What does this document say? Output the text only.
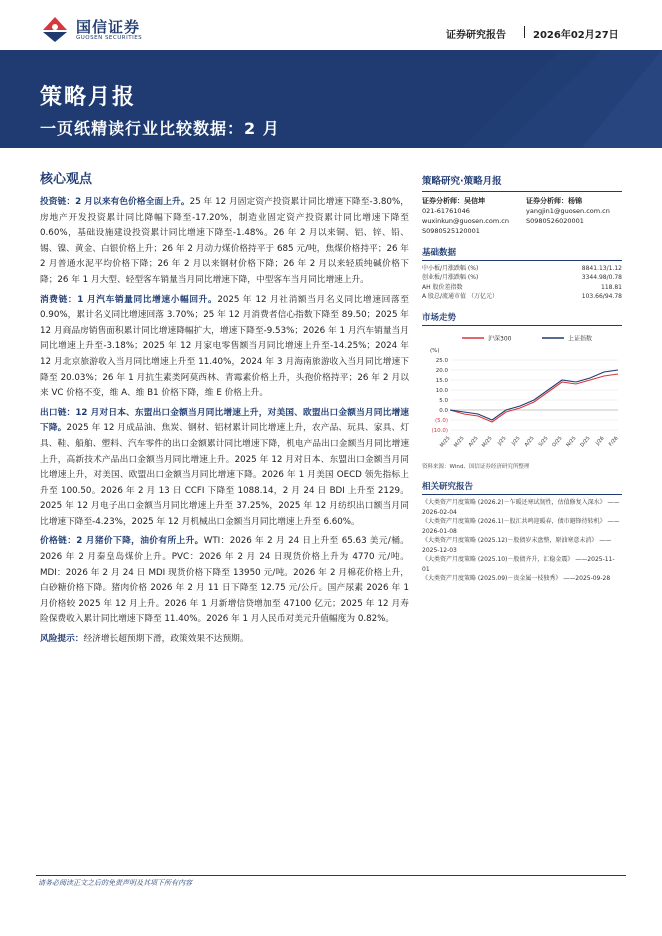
国信证券
GUOSEN SECURITIES	证券研究报告	2026年02月27日
策略月报
一页纸精读行业比较数据：2 月
核心观点

投资链：2 月以来有色价格全面上升。25 年 12 月固定资产投资累计同比增速下降至-3.80%，房地产开发投资累计同比降幅下降至-17.20%，制造业固定资产投资累计同比增速下降至 0.60%，基础设施建设投资累计同比增速下降至-1.48%。26 年 2 月以来铜、铝、锌、铅、锡、镍、黄金、白银价格上升；26 年 2 月动力煤价格持平于 685 元/吨，焦煤价格持平；26 年 2 月普通水泥平均价格下降；26 年 2 月以来钢材价格下降；26 年 2 月以来轻质纯碱价格下降；26 年 1 月大型、轻型客车销量当月同比增速下降，中型客车当月同比增速上升。

消费链：1 月汽车销量同比增速小幅回升。2025 年 12 月社消额当月名义同比增速回落至 0.90%，累计名义同比增速回落 3.70%；25 年 12 月消费者信心指数下降至 89.50；2025 年 12 月商品房销售面积累计同比增速降幅扩大，增速下降至-9.53%；2026 年 1 月汽车销量当月同比增速上升至-3.18%；2025 年 12 月家电零售额当月同比增速上升至-14.25%；2024 年 12 月北京旅游收入当月同比增速上升至 11.40%，2024 年 3 月海南旅游收入当月同比增速下降至 20.03%；26 年 1 月抗生素类阿莫西林、青霉素价格上升，头孢价格持平；26 年 2 月以来 VC 价格不变，维 A、维 B1 价格下降，维 E 价格上升。

出口链：12 月对日本、东盟出口金额当月同比增速上升，对美国、欧盟出口金额当月同比增速下降。2025 年 12 月成品油、焦炭、钢材、铝材累计同比增速上升，农产品、玩具、家具、灯具、鞋、船舶、塑料、汽车零件的出口金额累计同比增速下降，机电产品出口金额当月同比增速上升，高新技术产品出口金额当月同比增速上升。2025 年 12 月对日本、东盟出口金额当月同比增速上升，对美国、欧盟出口金额当月同比增速下降。2026 年 1 月美国 OECD 领先指标上升至 100.50。2026 年 2 月 13 日 CCFI 下降至 1088.14，2 月 24 日 BDI 上升至 2129。2025 年 12 月电子出口金额当月同比增速上升至 37.25%，2025 年 12 月纺织出口额当月同比增速下降至-4.23%，2025 年 12 月机械出口金额当月同比增速上升至 6.60%。

价格链：2 月猪价下降，油价有所上升。WTI：2026 年 2 月 24 日上升至 65.63 美元/桶。2026 年 2 月秦皇岛煤价上升。PVC：2026 年 2 月 24 日现货价格上升为 4770 元/吨。MDI：2026 年 2 月 24 日 MDI 现货价格下降至 13950 元/吨。2026 年 2 月棉花价格上升，白砂糖价格下降。猪肉价格 2026 年 2 月 11 日下降至 12.75 元/公斤。国产尿素 2026 年 1 月价格较 2025 年 12 月上升。2026 年 1 月新增信贷增加至 47100 亿元；2025 年 12 月寿险保费收入累计同比增速下降至 11.40%。2026 年 1 月人民币对美元升值幅度为 0.82%。

风险提示：经济增长超预期下滑，政策效果不达预期。

策略研究·策略月报
证券分析师：吴信坤
021-61761046
wuxinkun@guosen.com.cn
S0980525120001
证券分析师：杨锦
yangjin1@guosen.com.cn
S0980526020001
基础数据
中小板/月涨跌幅 (%)	8841.13/1.12
创业板/月涨跌幅 (%)	3344.98/0.78
AH 股价差指数	118.81
A 股总/流通市值 （万亿元）	103.66/94.78
市场走势
沪深300	上证指数
(%)
25.0
20.0
15.0
10.0
5.0
0.0
(5.0)
(10.0)
M/25 M/25 A/25 M/25 J/25 J/25 A/25 S/25 O/25 N/25 D/25 J/26 F/26
资料来源：Wind、国信证券经济研究所整理
相关研究报告
《大类资产月度策略 (2026.2)－乍暖还寒试韧性，估值修复入深水》 ——2026-02-04
《大类资产月度策略 (2026.1)－股汇共鸣迎暖春，债市避锋待转机》 ——2026-01-08
《大类资产月度策略 (2025.12)－股债岁末盘整，原油寒意未消》 ——2025-12-03
《大类资产月度策略 (2025.10)－股债齐升，汇稳金震》 ——2025-11-01
《大类资产月度策略 (2025.09)－贵金属一枝独秀》 ——2025-09-28
请务必阅读正文之后的免责声明及其项下所有内容
